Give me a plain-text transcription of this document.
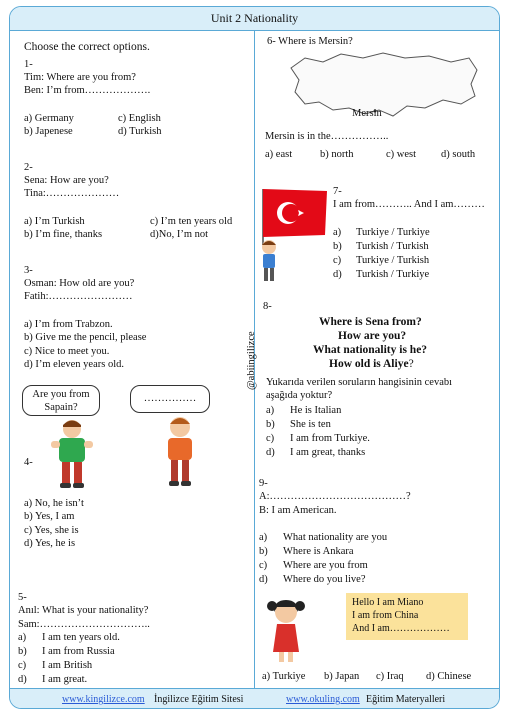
Unit 2 Nationality
Choose the correct options.
1-
Tim: Where are you from?
Ben: I’m from……………….
a) Germany	c) English
b) Japenese	d) Turkish
2-
Sena: How are you?
Tina:…………………
a) I’m Turkish	c) I’m ten years old
b) I’m fine, thanks	d)No, I’m not
3-
Osman: How old are you?
Fatih:……………………
a) I’m from Trabzon.
b) Give me the pencil, please
c) Nice to meet you.
d) I’m eleven years old.
Are you from Sapain?
……………
4-
a) No, he isn’t
b) Yes, I am
c) Yes, she is
d) Yes, he is
5-
Anıl: What is your nationality?
Sam:…………………………..
a) I am ten years old.
b) I am from Russia
c) I am British
d) I am great.
6- Where is Mersin?
Mersin
Mersin is in the……………..
a) east	b) north	c) west d) south
7-
I am from……….. And I am………
a) Turkiye / Turkiye
b) Turkish / Turkish
c) Turkiye / Turkish
d) Turkish / Turkiye
8-
Where is Sena from?
How are you?
What nationality is he?
How old is Aliye?
Yukarıda verilen soruların hangisinin cevabı
aşağıda yoktur?
a) He is Italian
b) She is ten
c) I am from Turkiye.
d) I am great, thanks
@abiingilizce
9-
A:…………………………………?
B: I am American.
a) What nationality are you
b) Where is Ankara
c) Where are you from
d) Where do you live?
Hello I am Miano
I am from China
And I am………………
a) Turkiye b) Japan c) Iraq d) Chinese
www.kingilizce.com İngilizce Eğitim Sitesi	www.okuling.com Eğitim Materyalleri
